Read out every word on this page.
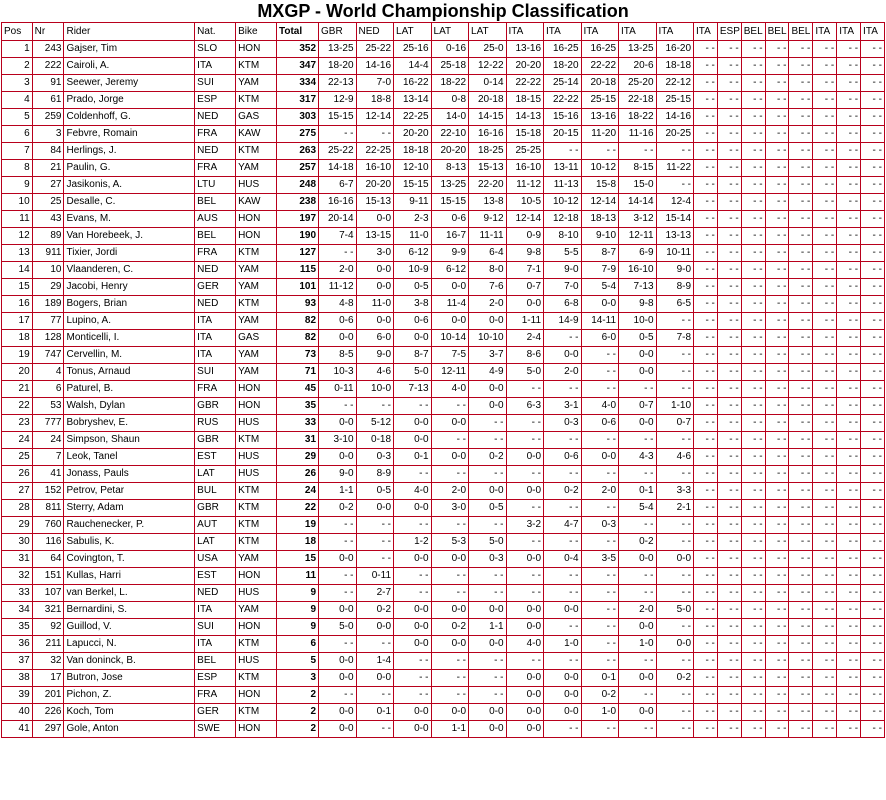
MXGP - World Championship Classification
Pos	Nr	Rider	Nat.	Bike	Total	GBR	NED	LAT	LAT	LAT	ITA	ITA	ITA	ITA	ITA	ITA	ESP	BEL	BEL	BEL	ITA	ITA	ITA
1	243	Gajser, Tim	SLO	HON	352	13-25	25-22	25-16	0-16	25-0	13-16	16-25	16-25	13-25	16-20	- -	- -	- -	- -	- -	- -	- -	- -
2	222	Cairoli, A.	ITA	KTM	347	18-20	14-16	14-4	25-18	12-22	20-20	18-20	22-22	20-6	18-18	- -	- -	- -	- -	- -	- -	- -	- -
3	91	Seewer, Jeremy	SUI	YAM	334	22-13	7-0	16-22	18-22	0-14	22-22	25-14	20-18	25-20	22-12	- -	- -	- -	- -	- -	- -	- -	- -
4	61	Prado, Jorge	ESP	KTM	317	12-9	18-8	13-14	0-8	20-18	18-15	22-22	25-15	22-18	25-15	- -	- -	- -	- -	- -	- -	- -	- -
5	259	Coldenhoff, G.	NED	GAS	303	15-15	12-14	22-25	14-0	14-15	14-13	15-16	13-16	18-22	14-16	- -	- -	- -	- -	- -	- -	- -	- -
6	3	Febvre, Romain	FRA	KAW	275	- -	- -	20-20	22-10	16-16	15-18	20-15	11-20	11-16	20-25	- -	- -	- -	- -	- -	- -	- -	- -
7	84	Herlings, J.	NED	KTM	263	25-22	22-25	18-18	20-20	18-25	25-25	- -	- -	- -	- -	- -	- -	- -	- -	- -	- -	- -	- -
8	21	Paulin, G.	FRA	YAM	257	14-18	16-10	12-10	8-13	15-13	16-10	13-11	10-12	8-15	11-22	- -	- -	- -	- -	- -	- -	- -	- -
9	27	Jasikonis, A.	LTU	HUS	248	6-7	20-20	15-15	13-25	22-20	11-12	11-13	15-8	15-0	- -	- -	- -	- -	- -	- -	- -	- -	- -
10	25	Desalle, C.	BEL	KAW	238	16-16	15-13	9-11	15-15	13-8	10-5	10-12	12-14	14-14	12-4	- -	- -	- -	- -	- -	- -	- -	- -
11	43	Evans, M.	AUS	HON	197	20-14	0-0	2-3	0-6	9-12	12-14	12-18	18-13	3-12	15-14	- -	- -	- -	- -	- -	- -	- -	- -
12	89	Van Horebeek, J.	BEL	HON	190	7-4	13-15	11-0	16-7	11-11	0-9	8-10	9-10	12-11	13-13	- -	- -	- -	- -	- -	- -	- -	- -
13	911	Tixier, Jordi	FRA	KTM	127	- -	3-0	6-12	9-9	6-4	9-8	5-5	8-7	6-9	10-11	- -	- -	- -	- -	- -	- -	- -	- -
14	10	Vlaanderen, C.	NED	YAM	115	2-0	0-0	10-9	6-12	8-0	7-1	9-0	7-9	16-10	9-0	- -	- -	- -	- -	- -	- -	- -	- -
15	29	Jacobi, Henry	GER	YAM	101	11-12	0-0	0-5	0-0	7-6	0-7	7-0	5-4	7-13	8-9	- -	- -	- -	- -	- -	- -	- -	- -
16	189	Bogers, Brian	NED	KTM	93	4-8	11-0	3-8	11-4	2-0	0-0	6-8	0-0	9-8	6-5	- -	- -	- -	- -	- -	- -	- -	- -
17	77	Lupino, A.	ITA	YAM	82	0-6	0-0	0-6	0-0	0-0	1-11	14-9	14-11	10-0	- -	- -	- -	- -	- -	- -	- -	- -	- -
18	128	Monticelli, I.	ITA	GAS	82	0-0	6-0	0-0	10-14	10-10	2-4	- -	6-0	0-5	7-8	- -	- -	- -	- -	- -	- -	- -	- -
19	747	Cervellin, M.	ITA	YAM	73	8-5	9-0	8-7	7-5	3-7	8-6	0-0	- -	0-0	- -	- -	- -	- -	- -	- -	- -	- -	- -
20	4	Tonus, Arnaud	SUI	YAM	71	10-3	4-6	5-0	12-11	4-9	5-0	2-0	- -	0-0	- -	- -	- -	- -	- -	- -	- -	- -	- -
21	6	Paturel, B.	FRA	HON	45	0-11	10-0	7-13	4-0	0-0	- -	- -	- -	- -	- -	- -	- -	- -	- -	- -	- -	- -	- -
22	53	Walsh, Dylan	GBR	HON	35	- -	- -	- -	- -	0-0	6-3	3-1	4-0	0-7	1-10	- -	- -	- -	- -	- -	- -	- -	- -
23	777	Bobryshev, E.	RUS	HUS	33	0-0	5-12	0-0	0-0	- -	- -	0-3	0-6	0-0	0-7	- -	- -	- -	- -	- -	- -	- -	- -
24	24	Simpson, Shaun	GBR	KTM	31	3-10	0-18	0-0	- -	- -	- -	- -	- -	- -	- -	- -	- -	- -	- -	- -	- -	- -	- -
25	7	Leok, Tanel	EST	HUS	29	0-0	0-3	0-1	0-0	0-2	0-0	0-6	0-0	4-3	4-6	- -	- -	- -	- -	- -	- -	- -	- -
26	41	Jonass, Pauls	LAT	HUS	26	9-0	8-9	- -	- -	- -	- -	- -	- -	- -	- -	- -	- -	- -	- -	- -	- -	- -	- -
27	152	Petrov, Petar	BUL	KTM	24	1-1	0-5	4-0	2-0	0-0	0-0	0-2	2-0	0-1	3-3	- -	- -	- -	- -	- -	- -	- -	- -
28	811	Sterry, Adam	GBR	KTM	22	0-2	0-0	0-0	3-0	0-5	- -	- -	- -	5-4	2-1	- -	- -	- -	- -	- -	- -	- -	- -
29	760	Rauchenecker, P.	AUT	KTM	19	- -	- -	- -	- -	- -	3-2	4-7	0-3	- -	- -	- -	- -	- -	- -	- -	- -	- -	- -
30	116	Sabulis, K.	LAT	KTM	18	- -	- -	1-2	5-3	5-0	- -	- -	- -	0-2	- -	- -	- -	- -	- -	- -	- -	- -	- -
31	64	Covington, T.	USA	YAM	15	0-0	- -	0-0	0-0	0-3	0-0	0-4	3-5	0-0	0-0	- -	- -	- -	- -	- -	- -	- -	- -
32	151	Kullas, Harri	EST	HON	11	- -	0-11	- -	- -	- -	- -	- -	- -	- -	- -	- -	- -	- -	- -	- -	- -	- -	- -
33	107	van Berkel, L.	NED	HUS	9	- -	2-7	- -	- -	- -	- -	- -	- -	- -	- -	- -	- -	- -	- -	- -	- -	- -	- -
34	321	Bernardini, S.	ITA	YAM	9	0-0	0-2	0-0	0-0	0-0	0-0	0-0	- -	2-0	5-0	- -	- -	- -	- -	- -	- -	- -	- -
35	92	Guillod, V.	SUI	HON	9	5-0	0-0	0-0	0-2	1-1	0-0	- -	- -	0-0	- -	- -	- -	- -	- -	- -	- -	- -	- -
36	211	Lapucci, N.	ITA	KTM	6	- -	- -	0-0	0-0	0-0	4-0	1-0	- -	1-0	0-0	- -	- -	- -	- -	- -	- -	- -	- -
37	32	Van doninck, B.	BEL	HUS	5	0-0	1-4	- -	- -	- -	- -	- -	- -	- -	- -	- -	- -	- -	- -	- -	- -	- -	- -
38	17	Butron, Jose	ESP	KTM	3	0-0	0-0	- -	- -	- -	0-0	0-0	0-1	0-0	0-2	- -	- -	- -	- -	- -	- -	- -	- -
39	201	Pichon, Z.	FRA	HON	2	- -	- -	- -	- -	- -	0-0	0-0	0-2	- -	- -	- -	- -	- -	- -	- -	- -	- -	- -
40	226	Koch, Tom	GER	KTM	2	0-0	0-1	0-0	0-0	0-0	0-0	0-0	1-0	0-0	- -	- -	- -	- -	- -	- -	- -	- -	- -
41	297	Gole, Anton	SWE	HON	2	0-0	- -	0-0	1-1	0-0	0-0	- -	- -	- -	- -	- -	- -	- -	- -	- -	- -	- -	- -
